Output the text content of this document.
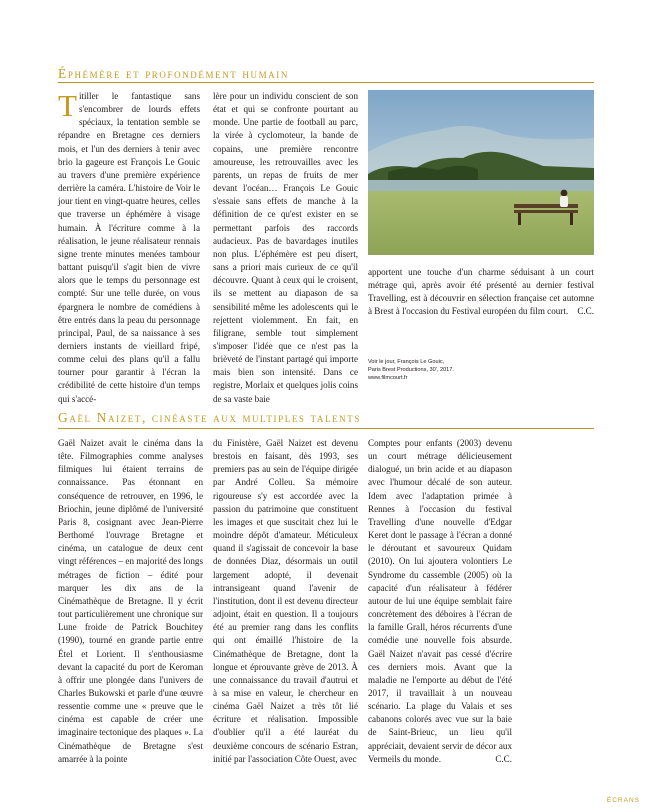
Éphémère et profondément humain
Titiller le fantastique sans s'encombrer de lourds effets spéciaux, la tentation semble se répandre en Bretagne ces derniers mois, et l'un des derniers à tenir avec brio la gageure est François Le Gouic au travers d'une première expérience derrière la caméra. L'histoire de Voir le jour tient en vingt-quatre heures, celles que traverse un éphémère à visage humain. À l'écriture comme à la réalisation, le jeune réalisateur rennais signe trente minutes menées tambour battant puisqu'il s'agit bien de vivre alors que le temps du personnage est compté. Sur une telle durée, on vous épargnera le nombre de comédiens à être entrés dans la peau du personnage principal, Paul, de sa naissance à ses derniers instants de vieillard fripé, comme celui des plans qu'il a fallu tourner pour garantir à l'écran la crédibilité de cette histoire d'un temps qui s'accé-

lère pour un individu conscient de son état et qui se confronte pourtant au monde. Une partie de football au parc, la virée à cyclomoteur, la bande de copains, une première rencontre amoureuse, les retrouvailles avec les parents, un repas de fruits de mer devant l'océan… François Le Gouic s'essaie sans effets de manche à la définition de ce qu'est exister en se permettant parfois des raccords audacieux. Pas de bavardages inutiles non plus. L'éphémère est peu disert, sans a priori mais curieux de ce qu'il découvre. Quant à ceux qui le croisent, ils se mettent au diapason de sa sensibilité même les adolescents qui le rejettent violemment. En fait, en filigrane, semble tout simplement s'imposer l'idée que ce n'est pas la brièveté de l'instant partagé qui importe mais bien son intensité. Dans ce registre, Morlaix et quelques jolis coins de sa vaste baie

apportent une touche d'un charme séduisant à un court métrage qui, après avoir été présenté au dernier festival Travelling, est à découvrir en sélection française cet automne à Brest à l'occasion du Festival européen du film court. C.C.
Voir le jour, François Le Gouic,
Paris Brest Productions, 30', 2017.
www.filmcourt.fr
Gaël Naizet, cinéaste aux multiples talents

Gaël Naizet avait le cinéma dans la tête. Filmographies comme analyses filmiques lui étaient terrains de connaissance. Pas étonnant en conséquence de retrouver, en 1996, le Briochin, jeune diplômé de l'université Paris 8, cosignant avec Jean-Pierre Berthomé l'ouvrage Bretagne et cinéma, un catalogue de deux cent vingt références – en majorité des longs métrages de fiction – édité pour marquer les dix ans de la Cinémathèque de Bretagne. Il y écrit tout particulièrement une chronique sur Lune froide de Patrick Bouchitey (1990), tourné en grande partie entre Étel et Lorient. Il s'enthousiasme devant la capacité du port de Keroman à offrir une plongée dans l'univers de Charles Bukowski et parle d'une œuvre ressentie comme une « preuve que le cinéma est capable de créer une imaginaire tectonique des plaques ». La Cinémathèque de Bretagne s'est amarrée à la pointe

du Finistère, Gaël Naizet est devenu brestois en faisant, dès 1993, ses premiers pas au sein de l'équipe dirigée par André Colleu. Sa mémoire rigoureuse s'y est accordée avec la passion du patrimoine que constituent les images et que suscitait chez lui le moindre dépôt d'amateur. Méticuleux quand il s'agissait de concevoir la base de données Diaz, désormais un outil largement adopté, il devenait intransigeant quand l'avenir de l'institution, dont il est devenu directeur adjoint, était en question. Il a toujours été au premier rang dans les conflits qui ont émaillé l'histoire de la Cinémathèque de Bretagne, dont la longue et éprouvante grève de 2013. À une connaissance du travail d'autrui et à sa mise en valeur, le chercheur en cinéma Gaël Naizet a très tôt lié écriture et réalisation. Impossible d'oublier qu'il a été lauréat du deuxième concours de scénario Estran, initié par l'association Côte Ouest, avec

Comptes pour enfants (2003) devenu un court métrage délicieusement dialogué, un brin acide et au diapason avec l'humour décalé de son auteur. Idem avec l'adaptation primée à Rennes à l'occasion du festival Travelling d'une nouvelle d'Edgar Keret dont le passage à l'écran a donné le déroutant et savoureux Quidam (2010). On lui ajoutera volontiers Le Syndrome du cassemble (2005) où la capacité d'un réalisateur à fédérer autour de lui une équipe semblait faire concrètement des déboires à l'écran de la famille Grall, héros récurrents d'une comédie une nouvelle fois absurde. Gaël Naizet n'avait pas cessé d'écrire ces derniers mois. Avant que la maladie ne l'emporte au début de l'été 2017, il travaillait à un nouveau scénario. La plage du Valais et ses cabanons colorés avec vue sur la baie de Saint-Brieuc, un lieu qu'il appréciait, devaient servir de décor aux Vermeils du monde.	C.C.
ÉCRANS
